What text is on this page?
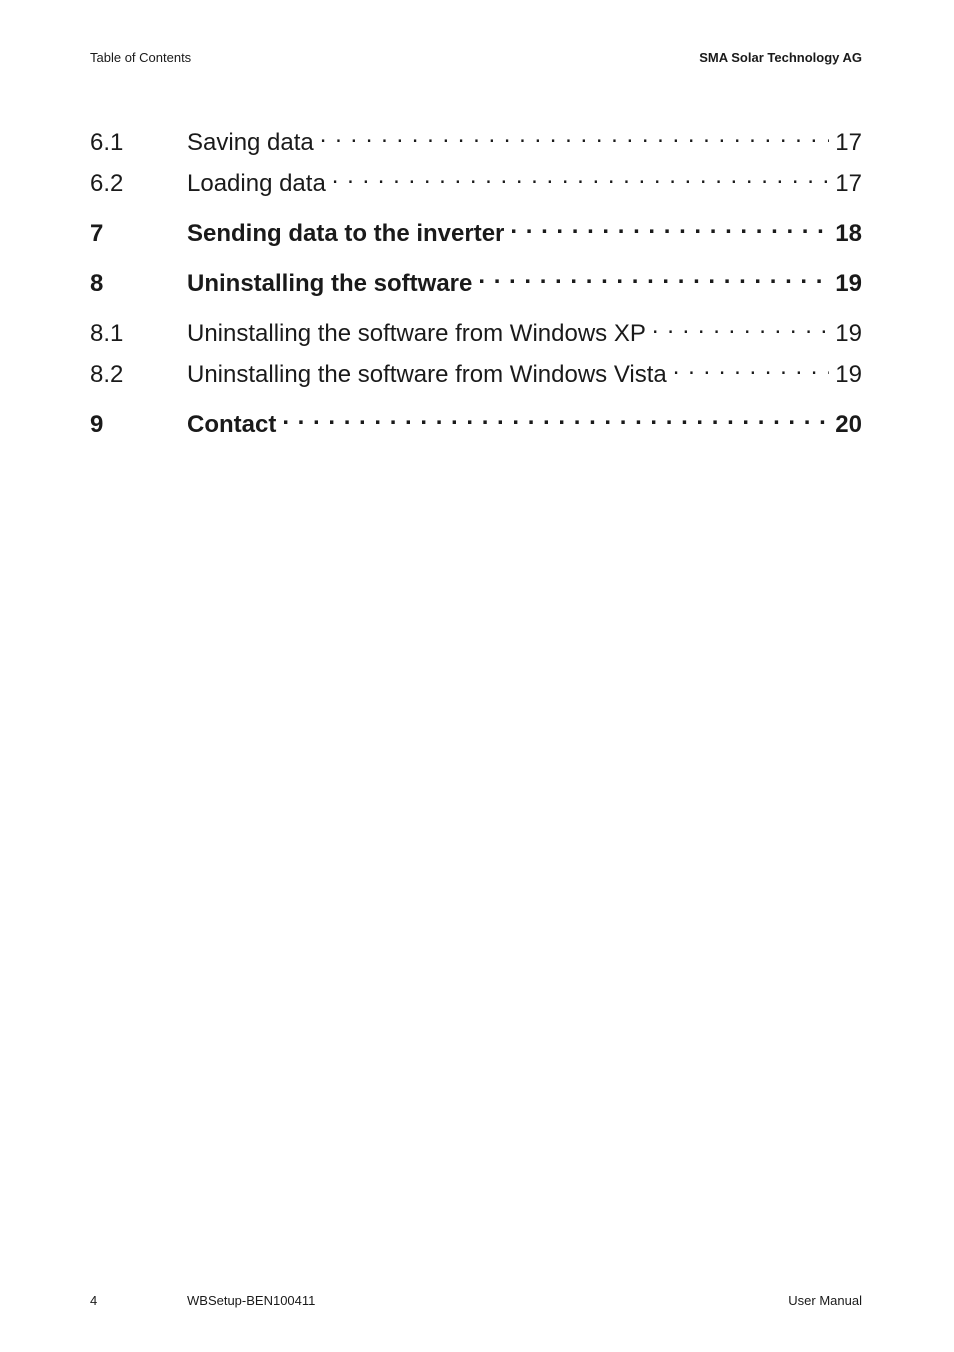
Table of Contents	SMA Solar Technology AG
6.1	Saving data . . .	17
6.2	Loading data . . .	17
7	Sending data to the inverter . . .	18
8	Uninstalling the software . . .	19
8.1	Uninstalling the software from Windows XP . . .	19
8.2	Uninstalling the software from Windows Vista . . .	19
9	Contact . . .	20
4	WBSetup-BEN100411	User Manual
